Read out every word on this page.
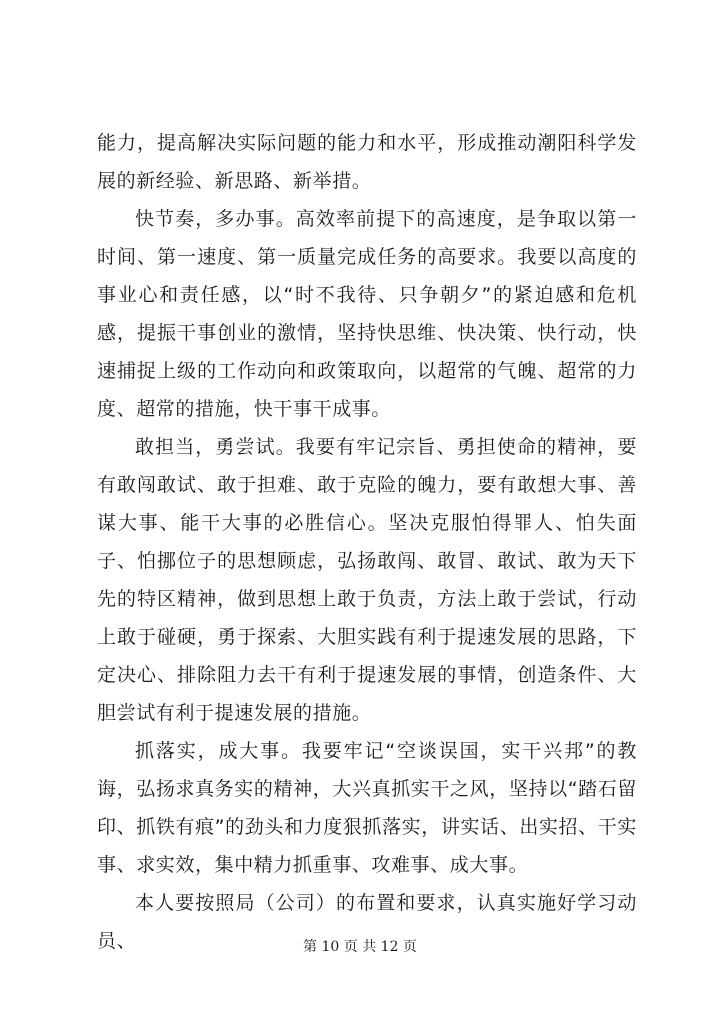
能力，提高解决实际问题的能力和水平，形成推动潮阳科学发展的新经验、新思路、新举措。

快节奏，多办事。高效率前提下的高速度，是争取以第一时间、第一速度、第一质量完成任务的高要求。我要以高度的事业心和责任感，以“时不我待、只争朝夕”的紧迫感和危机感，提振干事创业的激情，坚持快思维、快决策、快行动，快速捕捉上级的工作动向和政策取向，以超常的气魄、超常的力度、超常的措施，快干事干成事。

敢担当，勇尝试。我要有牢记宗旨、勇担使命的精神，要有敢闯敢试、敢于担难、敢于克险的魄力，要有敢想大事、善谋大事、能干大事的必胜信心。坚决克服怕得罪人、怕失面子、怕挪位子的思想顾虑，弘扬敢闯、敢冒、敢试、敢为天下先的特区精神，做到思想上敢于负责，方法上敢于尝试，行动上敢于碰硬，勇于探索、大胆实践有利于提速发展的思路，下定决心、排除阻力去干有利于提速发展的事情，创造条件、大胆尝试有利于提速发展的措施。

抓落实，成大事。我要牢记“空谈误国，实干兴邦”的教诲，弘扬求真务实的精神，大兴真抓实干之风，坚持以“踏石留印、抓铁有痕”的劲头和力度狠抓落实，讲实话、出实招、干实事、求实效，集中精力抓重事、攻难事、成大事。

本人要按照局（公司）的布置和要求，认真实施好学习动员、	第 10 页 共 12 页
